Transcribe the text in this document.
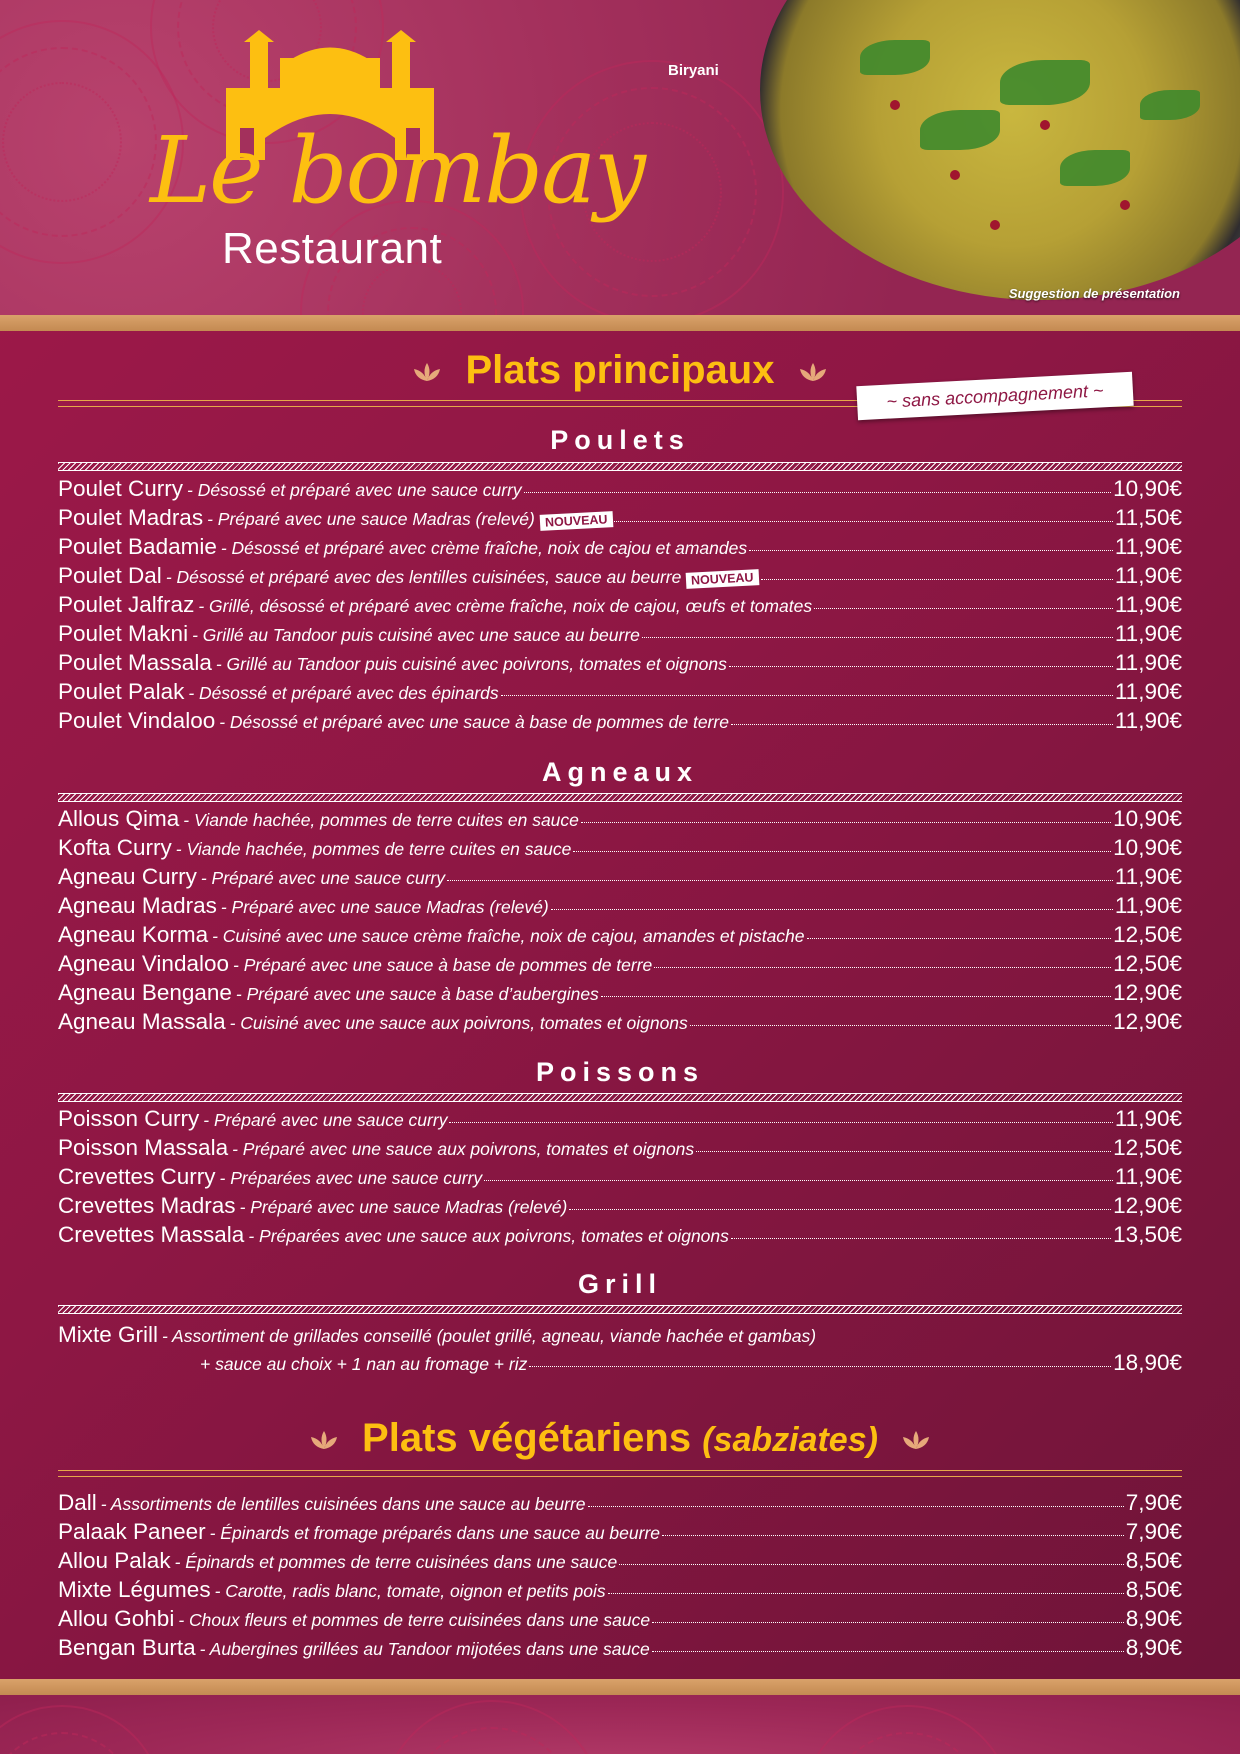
Le bombay
Restaurant
Biryani
Suggestion de présentation
Plats principaux
~ sans accompagnement ~
Poulets
Poulet Curry - Désossé et préparé avec une sauce curry	10,90€
Poulet Madras - Préparé avec une sauce Madras (relevé) NOUVEAU	11,50€
Poulet Badamie - Désossé et préparé avec crème fraîche, noix de cajou et amandes	11,90€
Poulet Dal - Désossé et préparé avec des lentilles cuisinées, sauce au beurre NOUVEAU	11,90€
Poulet Jalfraz - Grillé, désossé et préparé avec crème fraîche, noix de cajou, œufs et tomates	11,90€
Poulet Makni - Grillé au Tandoor puis cuisiné avec une sauce au beurre	11,90€
Poulet Massala - Grillé au Tandoor puis cuisiné avec poivrons, tomates et oignons	11,90€
Poulet Palak - Désossé et préparé avec des épinards	11,90€
Poulet Vindaloo - Désossé et préparé avec une sauce à base de pommes de terre	11,90€
Agneaux
Allous Qima - Viande hachée, pommes de terre cuites en sauce	10,90€
Kofta Curry - Viande hachée, pommes de terre cuites en sauce	10,90€
Agneau Curry - Préparé avec une sauce curry	11,90€
Agneau Madras - Préparé avec une sauce Madras (relevé)	11,90€
Agneau Korma - Cuisiné avec une sauce crème fraîche, noix de cajou, amandes et pistache	12,50€
Agneau Vindaloo - Préparé avec une sauce à base de pommes de terre	12,50€
Agneau Bengane - Préparé avec une sauce à base d’aubergines	12,90€
Agneau Massala - Cuisiné avec une sauce aux poivrons, tomates et oignons	12,90€
Poissons
Poisson Curry - Préparé avec une sauce curry	11,90€
Poisson Massala - Préparé avec une sauce aux poivrons, tomates et oignons	12,50€
Crevettes Curry - Préparées avec une sauce curry	11,90€
Crevettes Madras - Préparé avec une sauce Madras (relevé)	12,90€
Crevettes Massala - Préparées avec une sauce aux poivrons, tomates et oignons	13,50€
Grill
Mixte Grill - Assortiment de grillades conseillé (poulet grillé, agneau, viande hachée et gambas)
+ sauce au choix + 1 nan au fromage + riz	18,90€
Plats végétariens (sabziates)
Dall - Assortiments de lentilles cuisinées dans une sauce au beurre	7,90€
Palaak Paneer - Épinards et fromage préparés dans une sauce au beurre	7,90€
Allou Palak - Épinards et pommes de terre cuisinées dans une sauce	8,50€
Mixte Légumes - Carotte, radis blanc, tomate, oignon et petits pois	8,50€
Allou Gohbi - Choux fleurs et pommes de terre cuisinées dans une sauce	8,90€
Bengan Burta - Aubergines grillées au Tandoor mijotées dans une sauce	8,90€
